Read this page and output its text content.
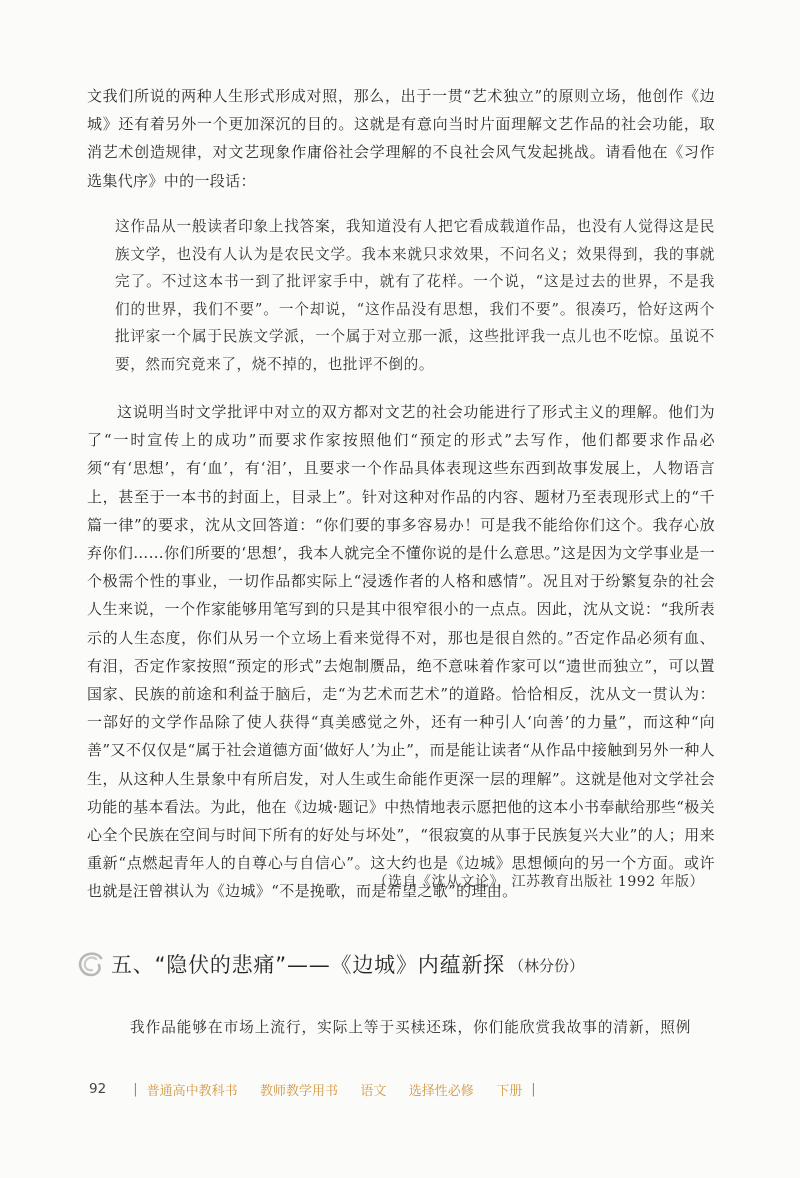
文我们所说的两种人生形式形成对照，那么，出于一贯“艺术独立”的原则立场，他创作《边城》还有着另外一个更加深沉的目的。这就是有意向当时片面理解文艺作品的社会功能，取消艺术创造规律，对文艺现象作庸俗社会学理解的不良社会风气发起挑战。请看他在《习作选集代序》中的一段话：

这作品从一般读者印象上找答案，我知道没有人把它看成载道作品，也没有人觉得这是民族文学，也没有人认为是农民文学。我本来就只求效果，不问名义；效果得到，我的事就完了。不过这本书一到了批评家手中，就有了花样。一个说，“这是过去的世界，不是我们的世界，我们不要”。一个却说，“这作品没有思想，我们不要”。很凑巧，恰好这两个批评家一个属于民族文学派，一个属于对立那一派，这些批评我一点儿也不吃惊。虽说不要，然而究竟来了，烧不掉的，也批评不倒的。

这说明当时文学批评中对立的双方都对文艺的社会功能进行了形式主义的理解。他们为了“一时宣传上的成功”而要求作家按照他们“预定的形式”去写作，他们都要求作品必须“有‘思想’，有‘血’，有‘泪’，且要求一个作品具体表现这些东西到故事发展上，人物语言上，甚至于一本书的封面上，目录上”。针对这种对作品的内容、题材乃至表现形式上的“千篇一律”的要求，沈从文回答道：“你们要的事多容易办！可是我不能给你们这个。我存心放弃你们……你们所要的‘思想’，我本人就完全不懂你说的是什么意思。”这是因为文学事业是一个极需个性的事业，一切作品都实际上“浸透作者的人格和感情”。况且对于纷繁复杂的社会人生来说，一个作家能够用笔写到的只是其中很窄很小的一点点。因此，沈从文说：“我所表示的人生态度，你们从另一个立场上看来觉得不对，那也是很自然的。”否定作品必须有血、有泪，否定作家按照“预定的形式”去炮制赝品，绝不意味着作家可以“遗世而独立”，可以置国家、民族的前途和利益于脑后，走“为艺术而艺术”的道路。恰恰相反，沈从文一贯认为：一部好的文学作品除了使人获得“真美感觉之外，还有一种引人‘向善’的力量”，而这种“向善”又不仅仅是“属于社会道德方面‘做好人’为止”，而是能让读者“从作品中接触到另外一种人生，从这种人生景象中有所启发，对人生或生命能作更深一层的理解”。这就是他对文学社会功能的基本看法。为此，他在《边城·题记》中热情地表示愿把他的这本小书奉献给那些“极关心全个民族在空间与时间下所有的好处与坏处”，“很寂寞的从事于民族复兴大业”的人；用来重新“点燃起青年人的自尊心与自信心”。这大约也是《边城》思想倾向的另一个方面。或许也就是汪曾祺认为《边城》“不是挽歌，而是希望之歌”的理由。

（选自《沈从文论》，江苏教育出版社 1992 年版）

五、“隐伏的悲痛”——《边城》内蕴新探 （林分份）

我作品能够在市场上流行，实际上等于买椟还珠，你们能欣赏我故事的清新，照例

92 | 普通高中教科书 教师教学用书 语文 选择性必修 下册 |
